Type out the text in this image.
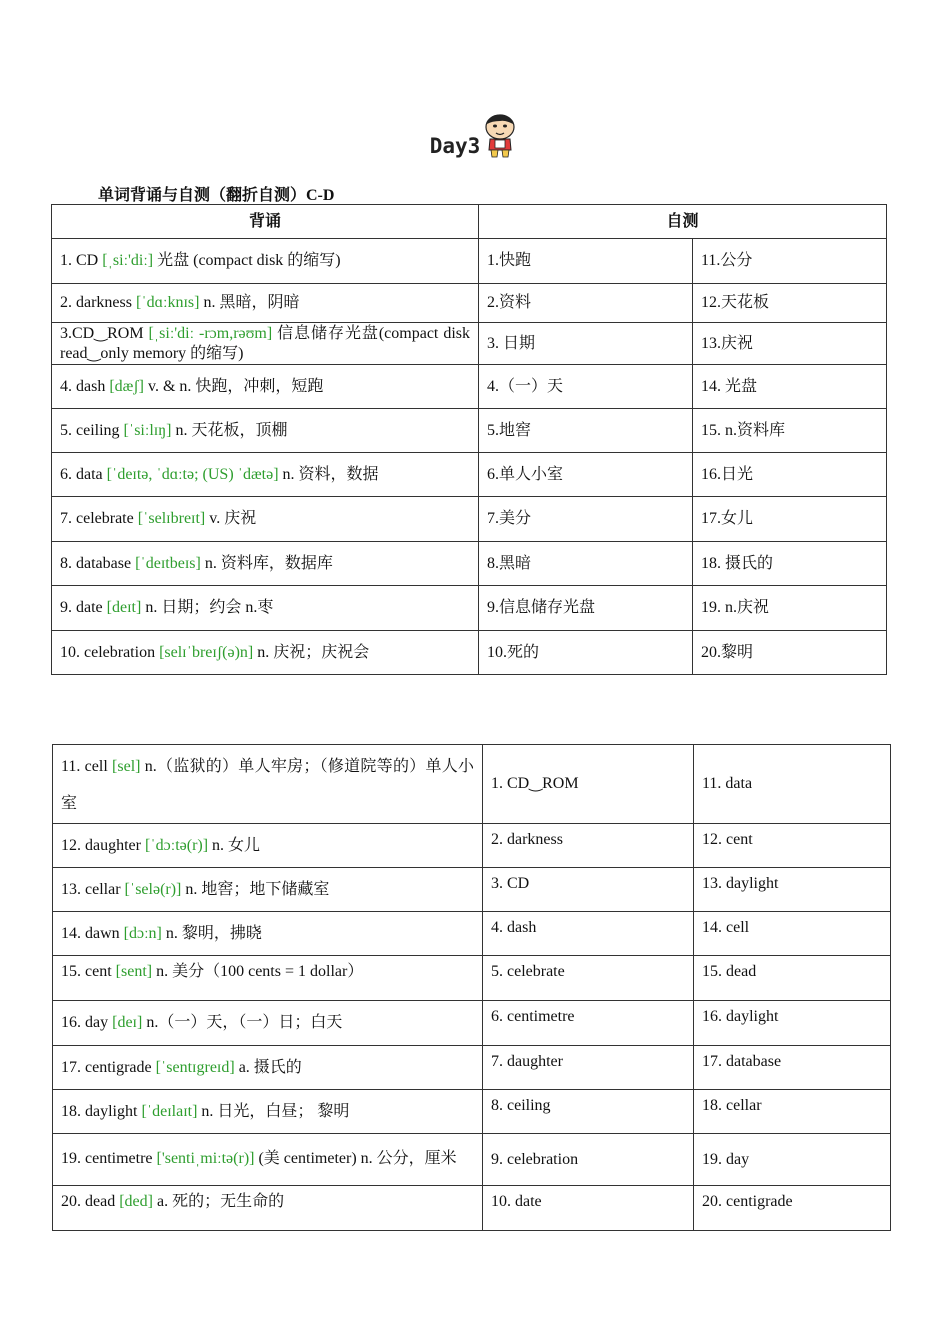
Day3
单词背诵与自测（翻折自测）C-D
背诵	自测	
1. CD [ˌsiː'diː] 光盘 (compact disk 的缩写)	1.快跑	11.公分
2. darkness [ˈdɑːknɪs] n. 黑暗，阴暗	2.资料	12.天花板
3.CD‿ROM [ˌsiː'diː -rɔm,rəʊm] 信息储存光盘(compact disk read‿only memory 的缩写)	3. 日期	13.庆祝
4. dash [dæʃ] v. & n. 快跑，冲刺，短跑	4.（一）天	14. 光盘
5. ceiling [ˈsiːlɪŋ] n. 天花板，顶棚	5.地窖	15. n.资料库
6. data [ˈdeɪtə, ˈdɑːtə; (US) ˈdætə] n. 资料，数据	6.单人小室	16.日光
7. celebrate [ˈselɪbreɪt] v. 庆祝	7.美分	17.女儿
8. database [ˈdeɪtbeɪs] n. 资料库，数据库	8.黑暗	18. 摄氏的
9. date [deɪt] n. 日期；约会 n.枣	9.信息储存光盘	19. n.庆祝
10. celebration [selɪˈbreɪʃ(ə)n] n. 庆祝；庆祝会	10.死的	20.黎明
11. cell [sel] n.（监狱的）单人牢房；（修道院等的）单人小室	1. CD‿ROM	11. data
12. daughter [ˈdɔːtə(r)] n. 女儿	2. darkness	12. cent
13. cellar [ˈselə(r)] n. 地窖；地下储藏室	3. CD	13. daylight
14. dawn [dɔːn] n. 黎明，拂晓	4. dash	14. cell
15. cent [sent] n. 美分（100 cents = 1 dollar）	5. celebrate	15. dead
16. day [deɪ] n.（一）天，（一）日；白天	6. centimetre	16. daylight
17. centigrade [ˈsentɪgreɪd] a. 摄氏的	7. daughter	17. database
18. daylight [ˈdeɪlaɪt] n. 日光，白昼； 黎明	8. ceiling	18. cellar
19. centimetre ['sentiˌmiːtə(r)] (美 centimeter) n. 公分，厘米	9. celebration	19. day
20. dead [ded] a. 死的；无生命的	10. date	20. centigrade
